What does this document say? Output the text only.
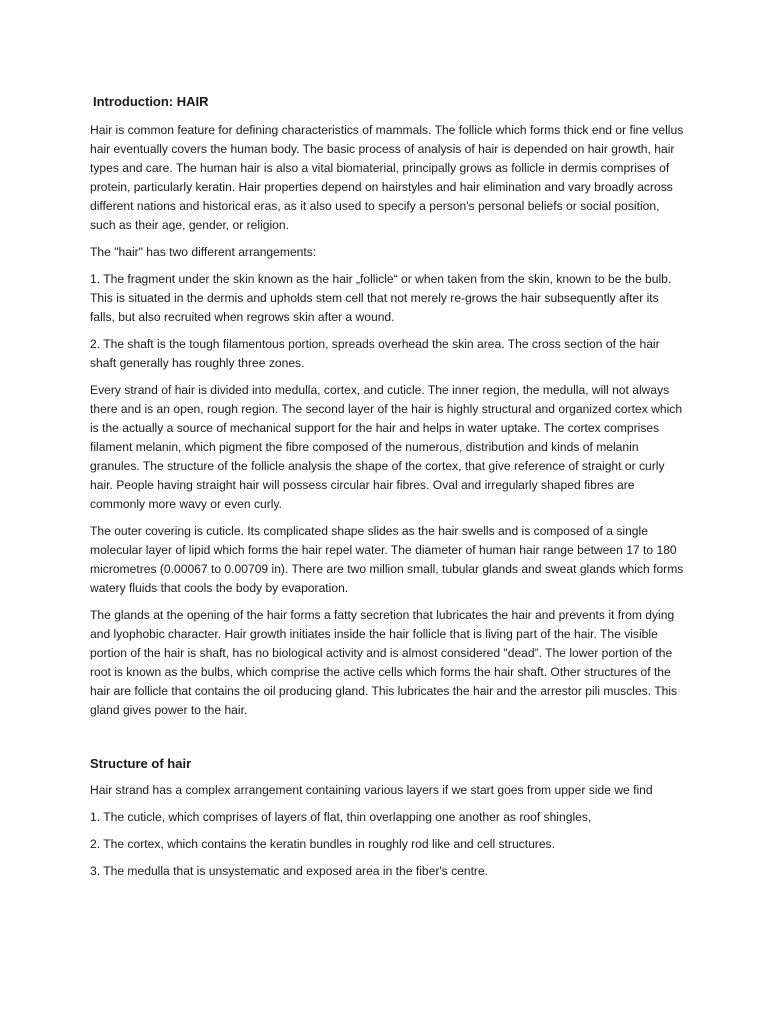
Introduction: HAIR

Hair is common feature for defining characteristics of mammals. The follicle which forms thick end or fine vellus hair eventually covers the human body. The basic process of analysis of hair is depended on hair growth, hair types and care. The human hair is also a vital biomaterial, principally grows as follicle in dermis comprises of protein, particularly keratin. Hair properties depend on hairstyles and hair elimination and vary broadly across different nations and historical eras, as it also used to specify a person's personal beliefs or social position, such as their age, gender, or religion.

The "hair" has two different arrangements:

1. The fragment under the skin known as the hair „follicle“ or when taken from the skin, known to be the bulb. This is situated in the dermis and upholds stem cell that not merely re-grows the hair subsequently after its falls, but also recruited when regrows skin after a wound.

2. The shaft is the tough filamentous portion, spreads overhead the skin area. The cross section of the hair shaft generally has roughly three zones.

Every strand of hair is divided into medulla, cortex, and cuticle. The inner region, the medulla, will not always there and is an open, rough region. The second layer of the hair is highly structural and organized cortex which is the actually a source of mechanical support for the hair and helps in water uptake. The cortex comprises filament melanin, which pigment the fibre composed of the numerous, distribution and kinds of melanin granules. The structure of the follicle analysis the shape of the cortex, that give reference of straight or curly hair. People having straight hair will possess circular hair fibres. Oval and irregularly shaped fibres are commonly more wavy or even curly.

The outer covering is cuticle. Its complicated shape slides as the hair swells and is composed of a single molecular layer of lipid which forms the hair repel water. The diameter of human hair range between 17 to 180 micrometres (0.00067 to 0.00709 in). There are two million small, tubular glands and sweat glands which forms watery fluids that cools the body by evaporation.

The glands at the opening of the hair forms a fatty secretion that lubricates the hair and prevents it from dying and lyophobic character. Hair growth initiates inside the hair follicle that is living part of the hair. The visible portion of the hair is shaft, has no biological activity and is almost considered "dead”. The lower portion of the root is known as the bulbs, which comprise the active cells which forms the hair shaft. Other structures of the hair are follicle that contains the oil producing gland. This lubricates the hair and the arrestor pili muscles. This gland gives power to the hair.

Structure of hair

Hair strand has a complex arrangement containing various layers if we start goes from upper side we find

1. The cuticle, which comprises of layers of flat, thin overlapping one another as roof shingles,

2. The cortex, which contains the keratin bundles in roughly rod like and cell structures.

3. The medulla that is unsystematic and exposed area in the fiber's centre.
